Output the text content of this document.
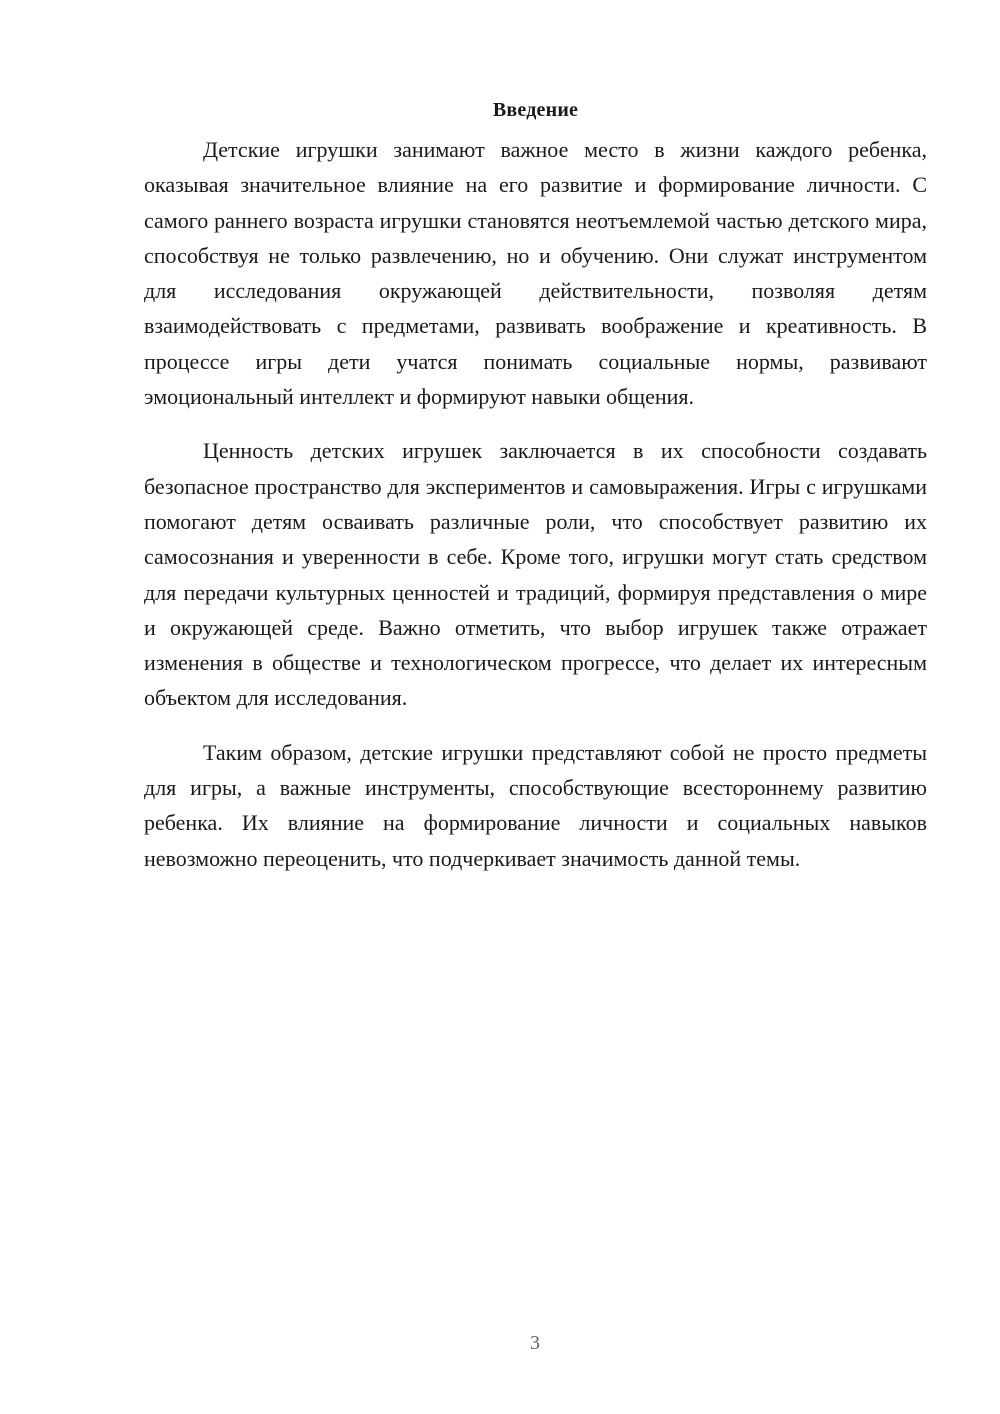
Введение

Детские игрушки занимают важное место в жизни каждого ребенка, оказывая значительное влияние на его развитие и формирование личности. С самого раннего возраста игрушки становятся неотъемлемой частью детского мира, способствуя не только развлечению, но и обучению. Они служат инструментом для исследования окружающей действительности, позволяя детям взаимодействовать с предметами, развивать воображение и креативность. В процессе игры дети учатся понимать социальные нормы, развивают эмоциональный интеллект и формируют навыки общения.

Ценность детских игрушек заключается в их способности создавать безопасное пространство для экспериментов и самовыражения. Игры с игрушками помогают детям осваивать различные роли, что способствует развитию их самосознания и уверенности в себе. Кроме того, игрушки могут стать средством для передачи культурных ценностей и традиций, формируя представления о мире и окружающей среде. Важно отметить, что выбор игрушек также отражает изменения в обществе и технологическом прогрессе, что делает их интересным объектом для исследования.

Таким образом, детские игрушки представляют собой не просто предметы для игры, а важные инструменты, способствующие всестороннему развитию ребенка. Их влияние на формирование личности и социальных навыков невозможно переоценить, что подчеркивает значимость данной темы.

3
